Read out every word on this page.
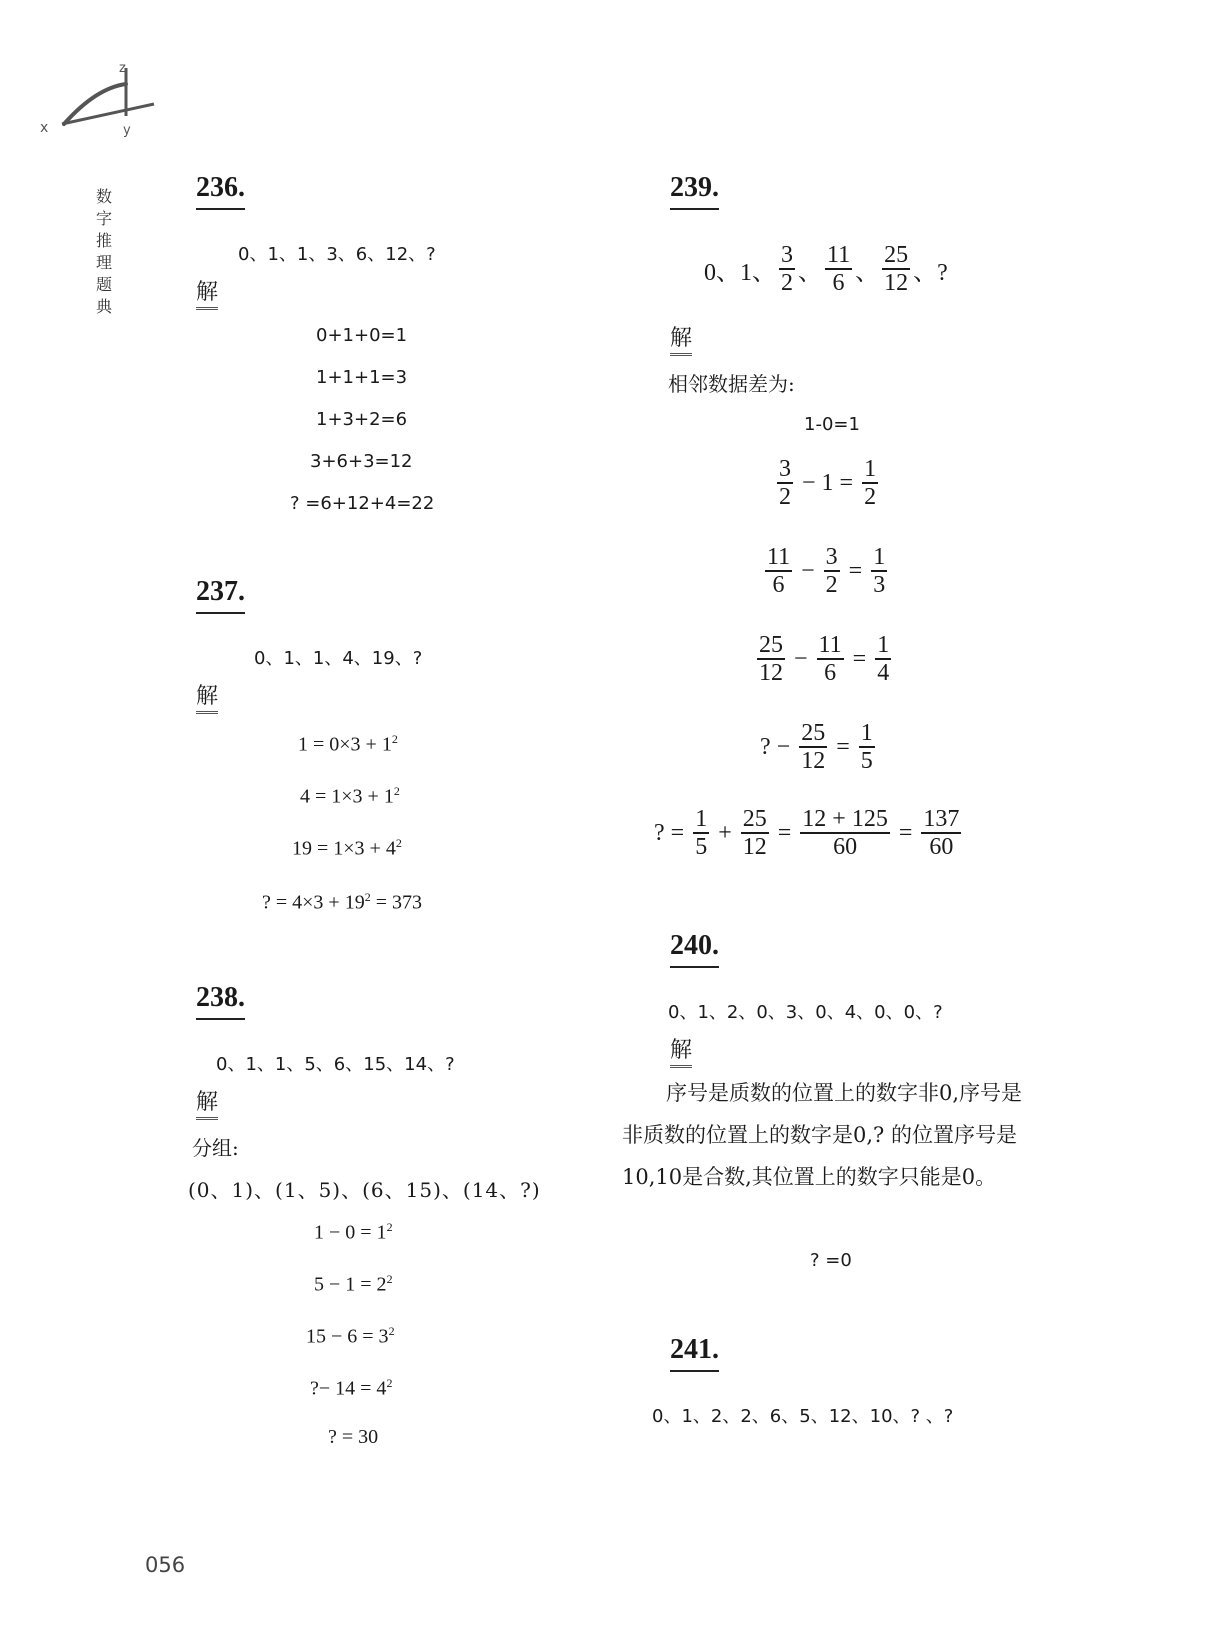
x
z
y
数
字
推
理
题
典
236.
0、1、1、3、6、12、?
解
0+1+0=1
1+1+1=3
1+3+2=6
3+6+3=12
? =6+12+4=22
237.
0、1、1、4、19、?
解
$1 = 0\times 3 + 1^2$
$4 = 1\times 3 + 1^2$
$19 = 1\times 3 + 4^2$
? = $4\times 3 + 19^2 = 373$
238.
0、1、1、5、6、15、14、?
解
分组:
(0、1)、(1、5)、(6、15)、(14、?)
$1 - 0 = 1^2$
$5 - 1 = 2^2$
$15 - 6 = 3^2$
?− $14 = 4^2$
? = 30
239.
0、1、 $\frac{3}{2}$ 、 $\frac{11}{6}$ 、 $\frac{25}{12}$ 、?
解
相邻数据差为:
1-0=1
$\frac{3}{2} - 1 = \frac{1}{2}$
$\frac{11}{6} - \frac{3}{2} = \frac{1}{3}$
$\frac{25}{12} - \frac{11}{6} = \frac{1}{4}$
? − $\frac{25}{12} = \frac{1}{5}$
? = $\frac{1}{5} + \frac{25}{12} = \frac{12 + 125}{60} = \frac{137}{60}$
240.
0、1、2、0、3、0、4、0、0、?
解
序号是质数的位置上的数字非0,序号是非质数的位置上的数字是0,? 的位置序号是10,10是合数,其位置上的数字只能是0。
? =0
241.
0、1、2、2、6、5、12、10、? 、?
056
